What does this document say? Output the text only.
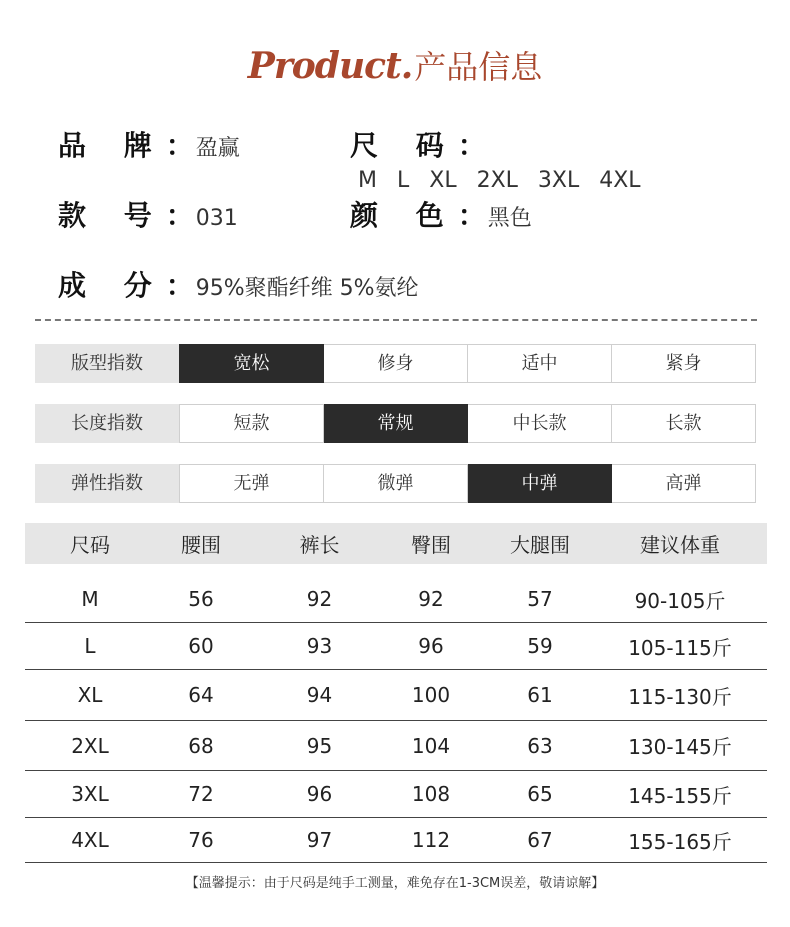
Product.产品信息
品 牌：盈赢	尺 码：M L XL 2XL 3XL 4XL
款 号：031	颜 色：黑色
成 分：95%聚酯纤维 5%氨纶
版型指数	宽松	修身	适中	紧身
长度指数	短款	常规	中长款	长款
弹性指数	无弹	微弹	中弹	高弹
尺码	腰围	裤长	臀围	大腿围	建议体重
M	56	92	92	57	90-105斤
L	60	93	96	59	105-115斤
XL	64	94	100	61	115-130斤
2XL	68	95	104	63	130-145斤
3XL	72	96	108	65	145-155斤
4XL	76	97	112	67	155-165斤
【温馨提示：由于尺码是纯手工测量，难免存在1-3CM误差，敬请谅解】
